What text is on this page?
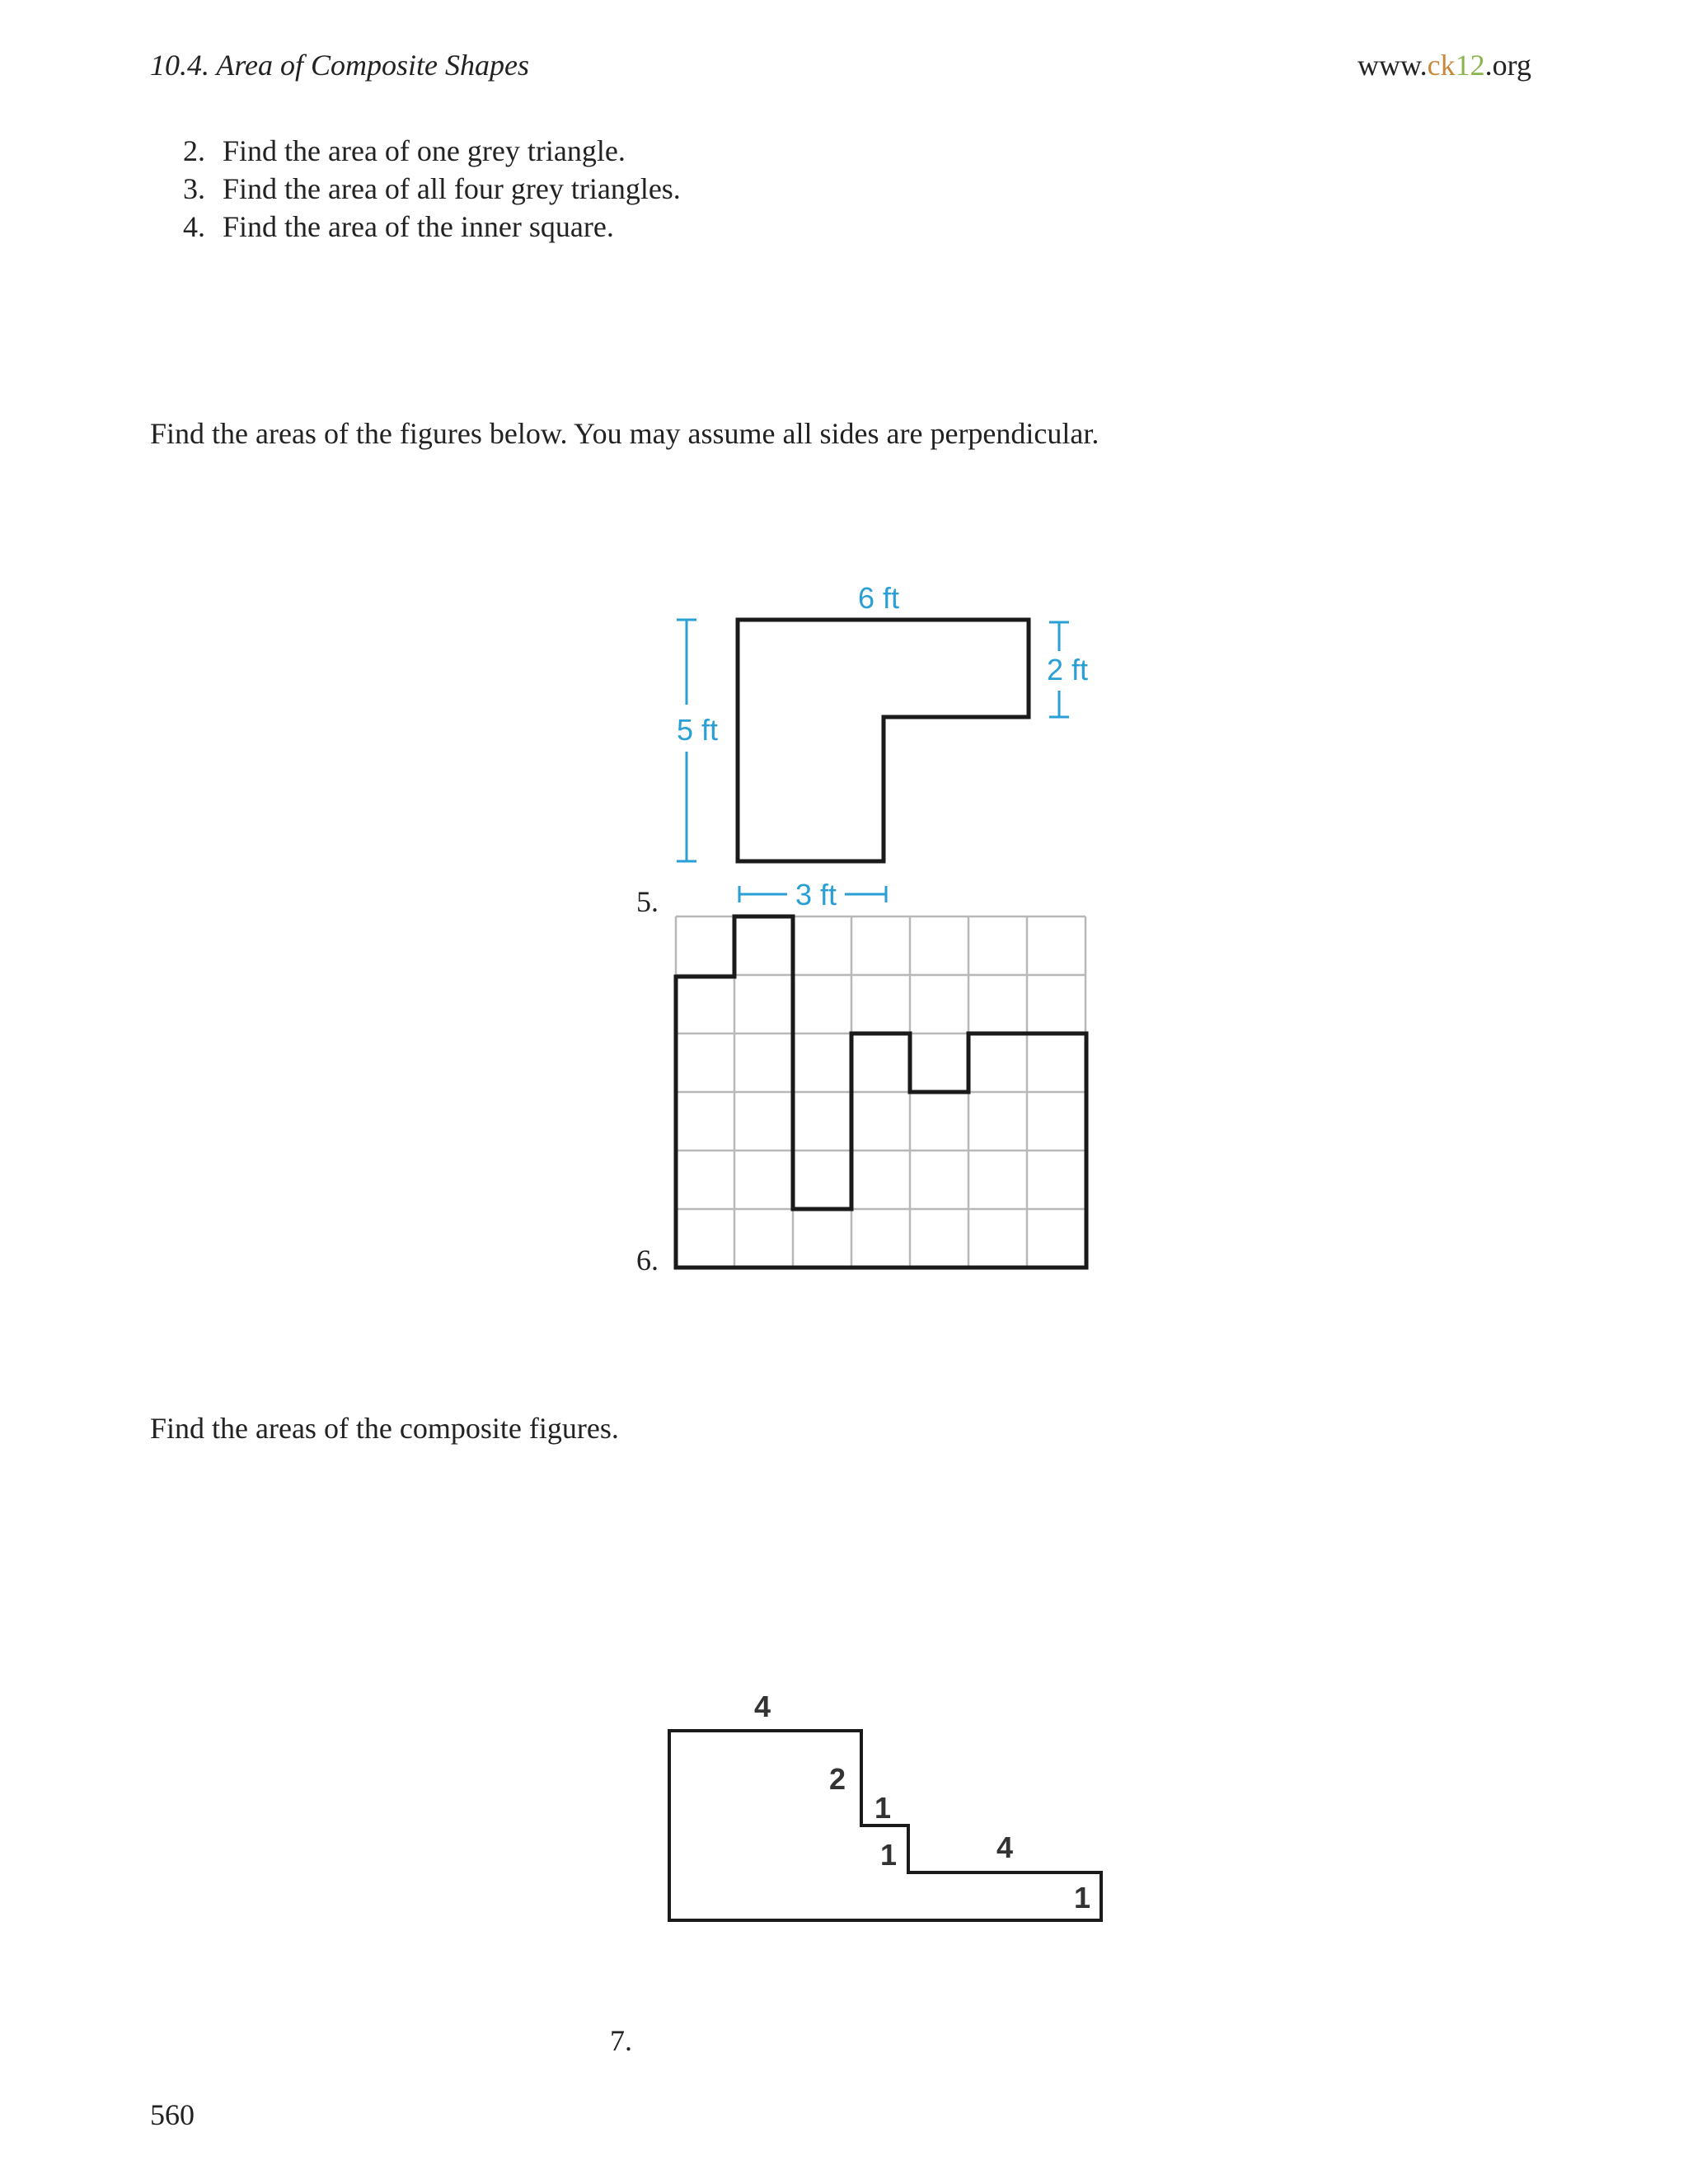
10.4. Area of Composite Shapes	www.ck12.org
2. Find the area of one grey triangle.
3. Find the area of all four grey triangles.
4. Find the area of the inner square.
Find the areas of the figures below. You may assume all sides are perpendicular.
6 ft
2 ft
5 ft
3 ft
5.
6.
Find the areas of the composite figures.
4
2
1
1	4
1
7.
560
